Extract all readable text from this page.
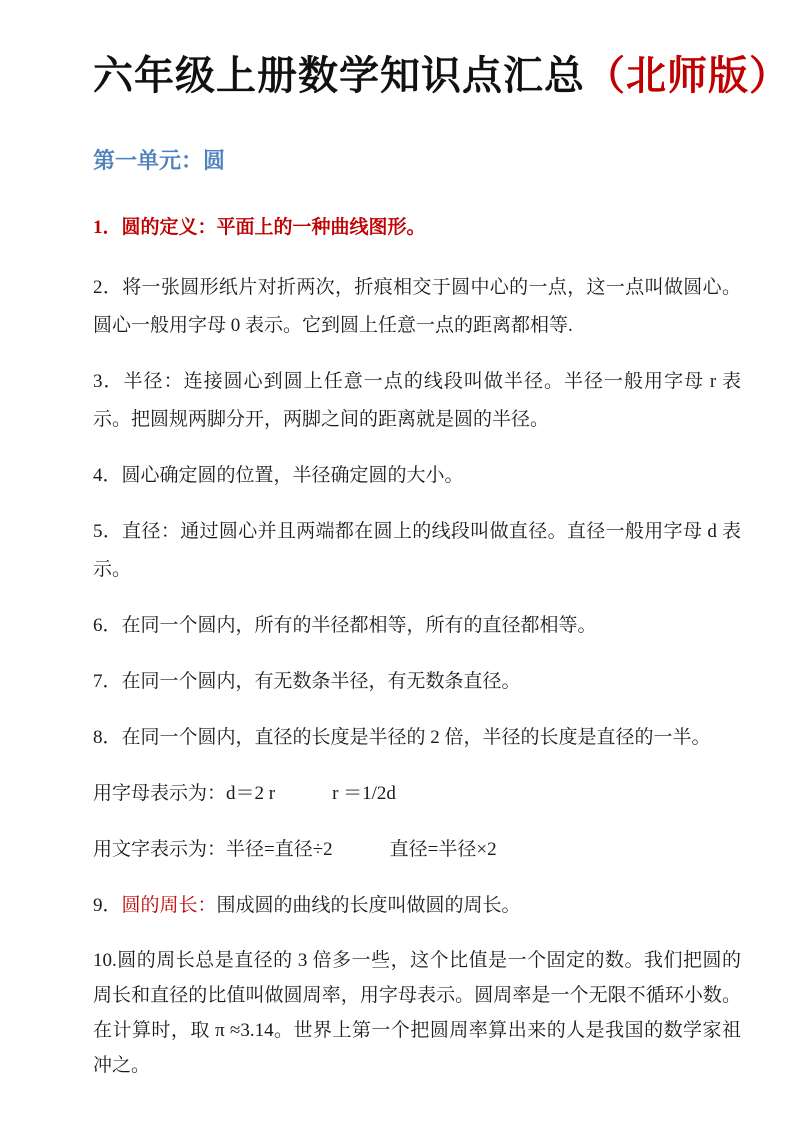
六年级上册数学知识点汇总（北师版）
第一单元：圆

1．圆的定义：平面上的一种曲线图形。

2．将一张圆形纸片对折两次，折痕相交于圆中心的一点，这一点叫做圆心。圆心一般用字母 0 表示。它到圆上任意一点的距离都相等.

3．半径：连接圆心到圆上任意一点的线段叫做半径。半径一般用字母 r 表示。把圆规两脚分开，两脚之间的距离就是圆的半径。

4．圆心确定圆的位置，半径确定圆的大小。

5．直径：通过圆心并且两端都在圆上的线段叫做直径。直径一般用字母 d 表示。

6．在同一个圆内，所有的半径都相等，所有的直径都相等。

7．在同一个圆内，有无数条半径，有无数条直径。

8．在同一个圆内，直径的长度是半径的 2 倍，半径的长度是直径的一半。

用字母表示为：d＝2 r　　　r ＝1/2d

用文字表示为：半径=直径÷2　　　直径=半径×2

9．圆的周长：围成圆的曲线的长度叫做圆的周长。

10.圆的周长总是直径的 3 倍多一些，这个比值是一个固定的数。我们把圆的周长和直径的比值叫做圆周率，用字母表示。圆周率是一个无限不循环小数。在计算时，取 π ≈3.14。世界上第一个把圆周率算出来的人是我国的数学家祖冲之。
